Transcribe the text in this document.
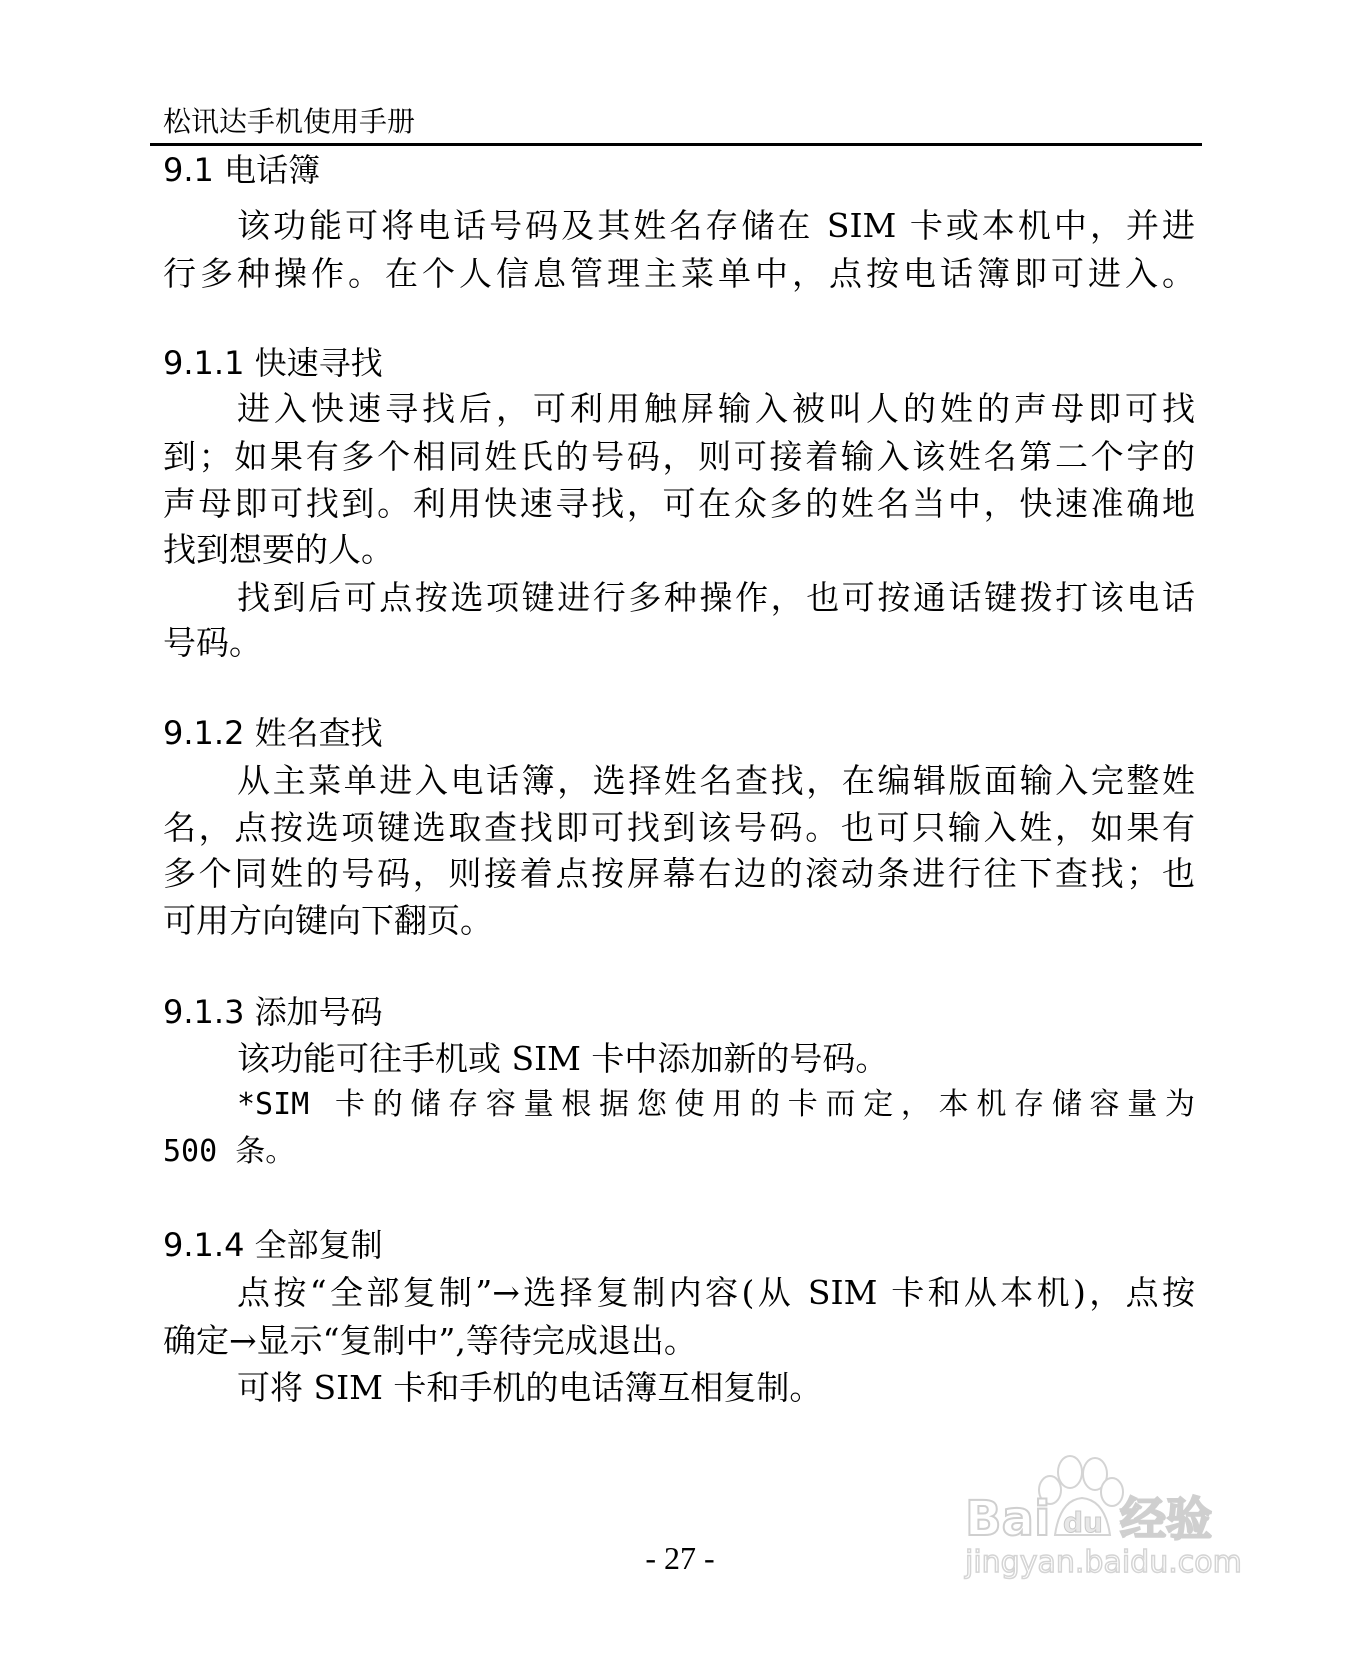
松讯达手机使用手册
9.1 电话簿
该功能可将电话号码及其姓名存储在 SIM 卡或本机中，并进
行多种操作。在个人信息管理主菜单中，点按电话簿即可进入。
9.1.1 快速寻找
进入快速寻找后，可利用触屏输入被叫人的姓的声母即可找
到；如果有多个相同姓氏的号码，则可接着输入该姓名第二个字的
声母即可找到。利用快速寻找，可在众多的姓名当中，快速准确地
找到想要的人。
找到后可点按选项键进行多种操作，也可按通话键拨打该电话
号码。
9.1.2 姓名查找
从主菜单进入电话簿，选择姓名查找，在编辑版面输入完整姓
名，点按选项键选取查找即可找到该号码。也可只输入姓，如果有
多个同姓的号码，则接着点按屏幕右边的滚动条进行往下查找；也
可用方向键向下翻页。
9.1.3 添加号码
该功能可往手机或 SIM 卡中添加新的号码。
*SIM 卡的储存容量根据您使用的卡而定，本机存储容量为
500 条。
9.1.4 全部复制
点按“全部复制”→选择复制内容(从 SIM 卡和从本机)，点按
确定→显示“复制中”,等待完成退出。
可将 SIM 卡和手机的电话簿互相复制。
Bai du 经验
jingyan.baidu.com
- 27 -
